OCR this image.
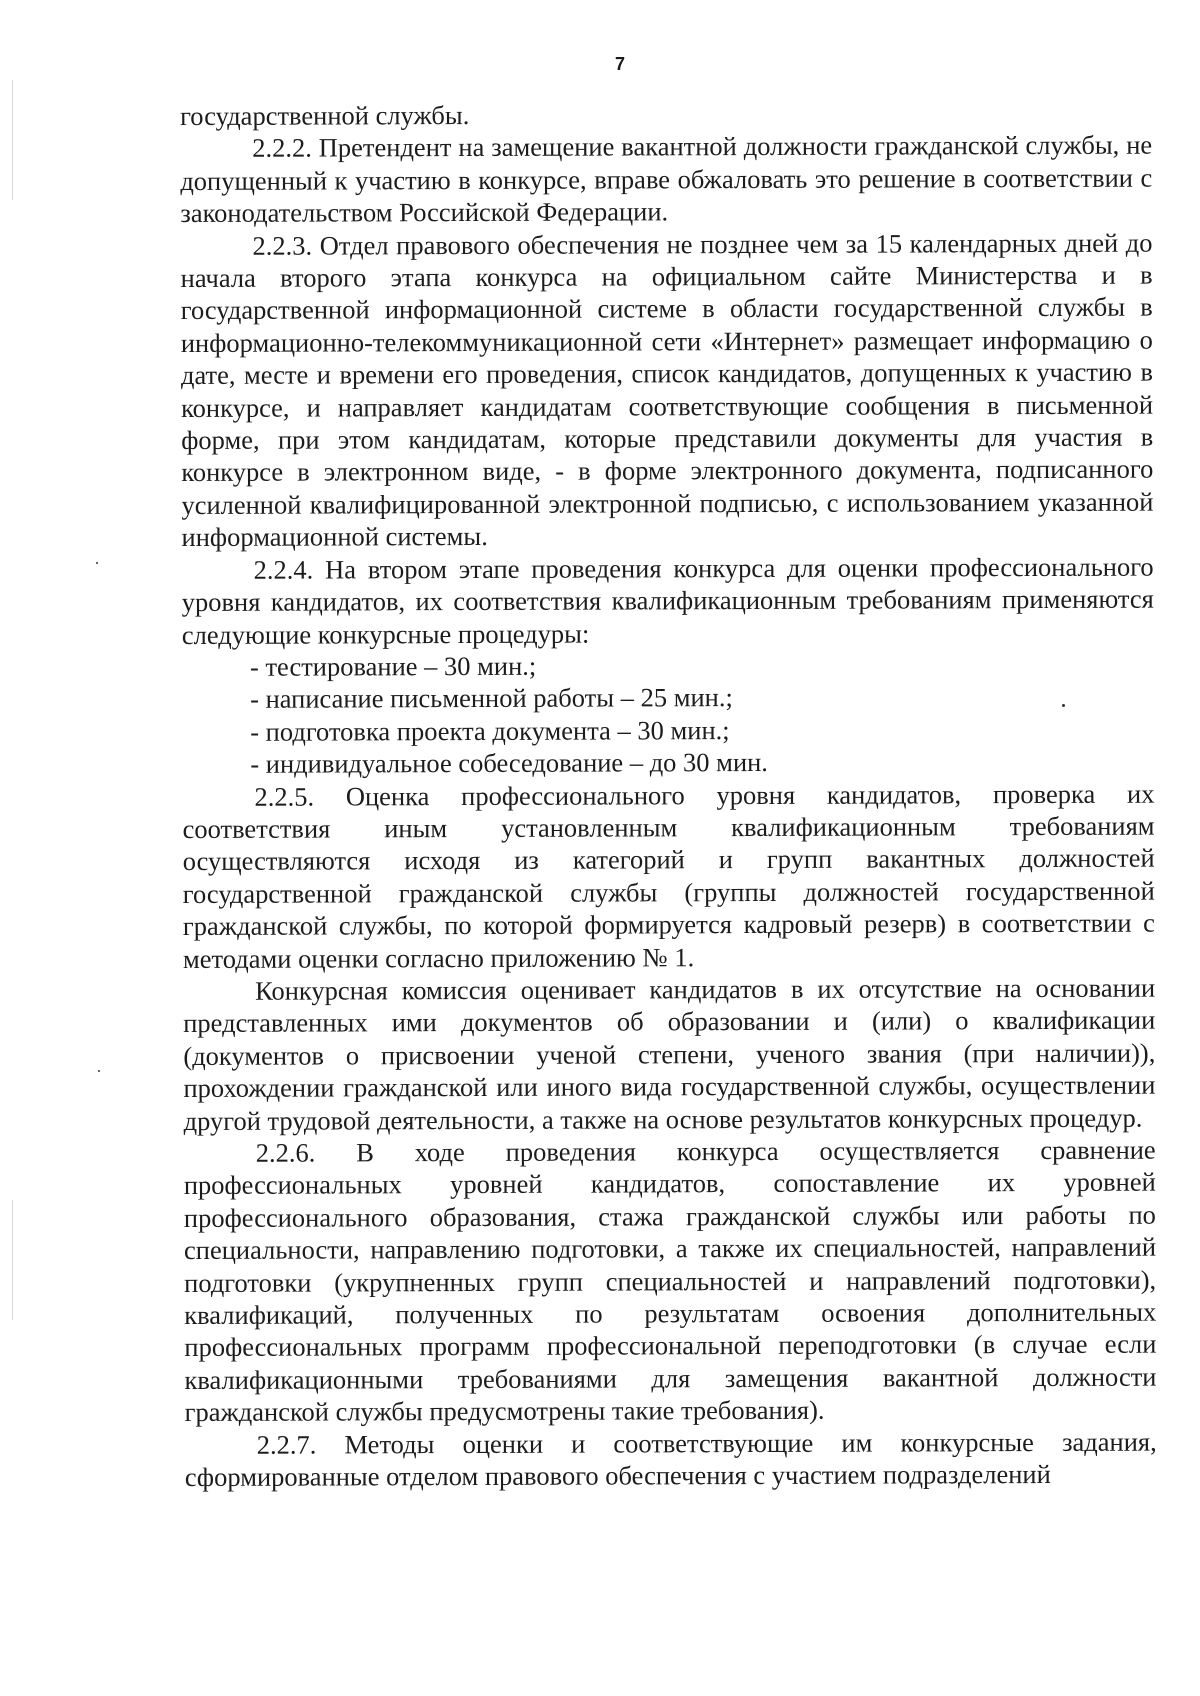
7

государственной службы.

2.2.2. Претендент на замещение вакантной должности гражданской службы, не допущенный к участию в конкурсе, вправе обжаловать это решение в соответствии с законодательством Российской Федерации.

2.2.3. Отдел правового обеспечения не позднее чем за 15 календарных дней до начала второго этапа конкурса на официальном сайте Министерства и в государственной информационной системе в области государственной службы в информационно-телекоммуникационной сети «Интернет» размещает информацию о дате, месте и времени его проведения, список кандидатов, допущенных к участию в конкурсе, и направляет кандидатам соответствующие сообщения в письменной форме, при этом кандидатам, которые представили документы для участия в конкурсе в электронном виде, - в форме электронного документа, подписанного усиленной квалифицированной электронной подписью, с использованием указанной информационной системы.

2.2.4. На втором этапе проведения конкурса для оценки профессионального уровня кандидатов, их соответствия квалификационным требованиям применяются следующие конкурсные процедуры:

- тестирование – 30 мин.;

- написание письменной работы – 25 мин.;

- подготовка проекта документа – 30 мин.;

- индивидуальное собеседование – до 30 мин.

2.2.5. Оценка профессионального уровня кандидатов, проверка их соответствия иным установленным квалификационным требованиям осуществляются исходя из категорий и групп вакантных должностей государственной гражданской службы (группы должностей государственной гражданской службы, по которой формируется кадровый резерв) в соответствии с методами оценки согласно приложению № 1.

Конкурсная комиссия оценивает кандидатов в их отсутствие на основании представленных ими документов об образовании и (или) о квалификации (документов о присвоении ученой степени, ученого звания (при наличии)), прохождении гражданской или иного вида государственной службы, осуществлении другой трудовой деятельности, а также на основе результатов конкурсных процедур.

2.2.6. В ходе проведения конкурса осуществляется сравнение профессиональных уровней кандидатов, сопоставление их уровней профессионального образования, стажа гражданской службы или работы по специальности, направлению подготовки, а также их специальностей, направлений подготовки (укрупненных групп специальностей и направлений подготовки), квалификаций, полученных по результатам освоения дополнительных профессиональных программ профессиональной переподготовки (в случае если квалификационными требованиями для замещения вакантной должности гражданской службы предусмотрены такие требования).

2.2.7. Методы оценки и соответствующие им конкурсные задания, сформированные отделом правового обеспечения с участием подразделений
